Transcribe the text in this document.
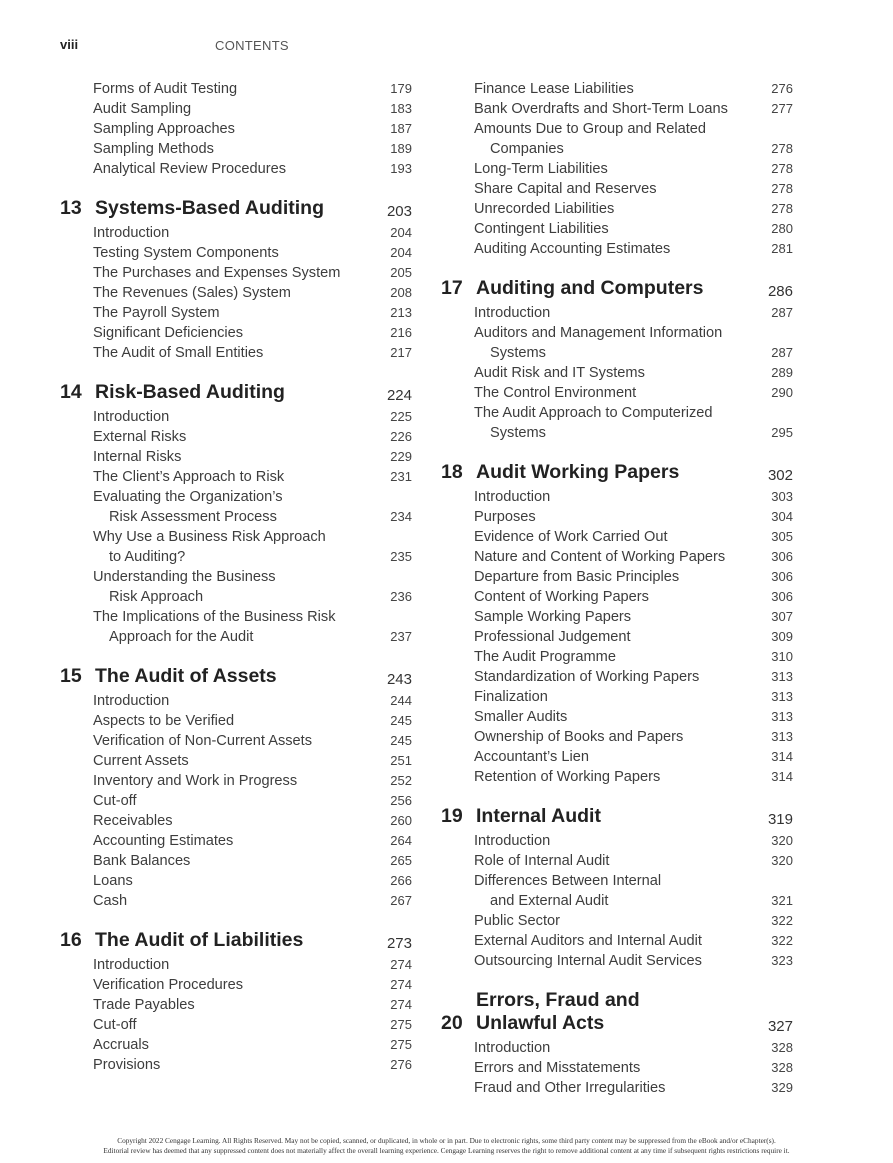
viii	CONTENTS
Forms of Audit Testing	179
Audit Sampling	183
Sampling Approaches	187
Sampling Methods	189
Analytical Review Procedures	193
13 Systems-Based Auditing	203
Introduction	204
Testing System Components	204
The Purchases and Expenses System	205
The Revenues (Sales) System	208
The Payroll System	213
Significant Deficiencies	216
The Audit of Small Entities	217
14 Risk-Based Auditing	224
Introduction	225
External Risks	226
Internal Risks	229
The Client’s Approach to Risk	231
Evaluating the Organization’s
Risk Assessment Process	234
Why Use a Business Risk Approach
to Auditing?	235
Understanding the Business
Risk Approach	236
The Implications of the Business Risk
Approach for the Audit	237
15 The Audit of Assets	243
Introduction	244
Aspects to be Verified	245
Verification of Non-Current Assets	245
Current Assets	251
Inventory and Work in Progress	252
Cut-off	256
Receivables	260
Accounting Estimates	264
Bank Balances	265
Loans	266
Cash	267
16 The Audit of Liabilities	273
Introduction	274
Verification Procedures	274
Trade Payables	274
Cut-off	275
Accruals	275
Provisions	276
Finance Lease Liabilities	276
Bank Overdrafts and Short-Term Loans	277
Amounts Due to Group and Related
Companies	278
Long-Term Liabilities	278
Share Capital and Reserves	278
Unrecorded Liabilities	278
Contingent Liabilities	280
Auditing Accounting Estimates	281
17 Auditing and Computers	286
Introduction	287
Auditors and Management Information
Systems	287
Audit Risk and IT Systems	289
The Control Environment	290
The Audit Approach to Computerized
Systems	295
18 Audit Working Papers	302
Introduction	303
Purposes	304
Evidence of Work Carried Out	305
Nature and Content of Working Papers	306
Departure from Basic Principles	306
Content of Working Papers	306
Sample Working Papers	307
Professional Judgement	309
The Audit Programme	310
Standardization of Working Papers	313
Finalization	313
Smaller Audits	313
Ownership of Books and Papers	313
Accountant’s Lien	314
Retention of Working Papers	314
19 Internal Audit	319
Introduction	320
Role of Internal Audit	320
Differences Between Internal
and External Audit	321
Public Sector	322
External Auditors and Internal Audit	322
Outsourcing Internal Audit Services	323
20
Errors, Fraud and
Unlawful Acts	327
Introduction	328
Errors and Misstatements	328
Fraud and Other Irregularities	329
Copyright 2022 Cengage Learning. All Rights Reserved. May not be copied, scanned, or duplicated, in whole or in part. Due to electronic rights, some third party content may be suppressed from the eBook and/or eChapter(s).
Editorial review has deemed that any suppressed content does not materially affect the overall learning experience. Cengage Learning reserves the right to remove additional content at any time if subsequent rights restrictions require it.
